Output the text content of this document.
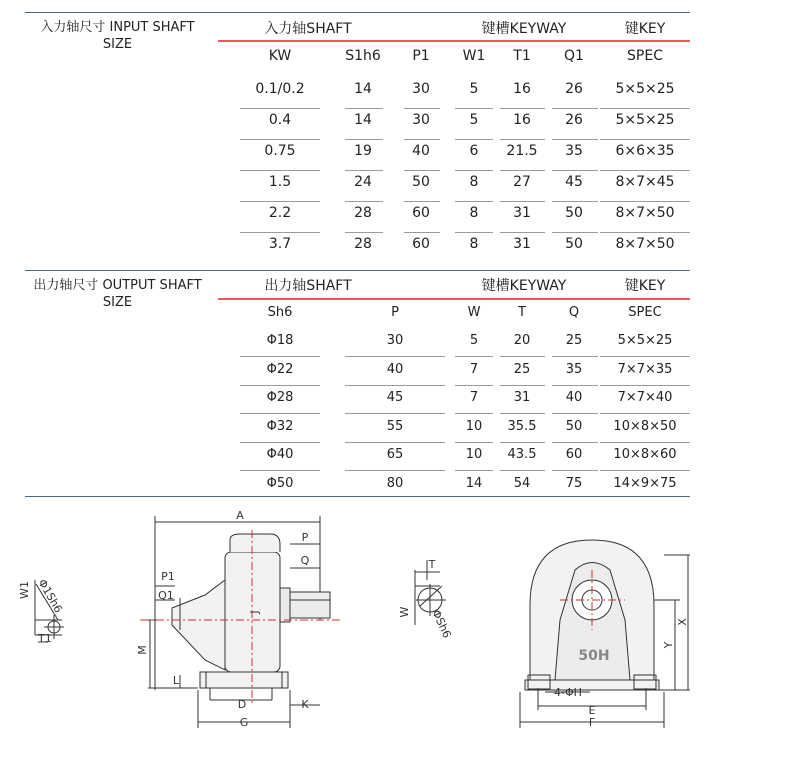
入力轴尺寸 INPUT SHAFT
SIZE
入力轴SHAFT	键槽KEYWAY	键KEY
KW	S1h6	P1	W1	T1	Q1	SPEC
0.1/0.2	14	30	5	16	26	5×5×25
0.4	14	30	5	16	26	5×5×25
0.75	19	40	6	21.5	35	6×6×35
1.5	24	50	8	27	45	8×7×45
2.2	28	60	8	31	50	8×7×50
3.7	28	60	8	31	50	8×7×50
出力轴尺寸 OUTPUT SHAFT
SIZE
出力轴SHAFT	键槽KEYWAY	键KEY
Sh6	P	W	T	Q	SPEC
Φ18	30	5	20	25	5×5×25
Φ22	40	7	25	35	7×7×35
Φ28	45	7	31	40	7×7×40
Φ32	55	10	35.5	50	10×8×50
Φ40	65	10	43.5	60	10×8×60
Φ50	80	14	54	75	14×9×75
W1 Φ1Sh6
T1
A
P
Q
P1
Q1
J
M
L
D	K
G
T
W ΦSh6	X
Y
50H
4-ΦH
E
F
